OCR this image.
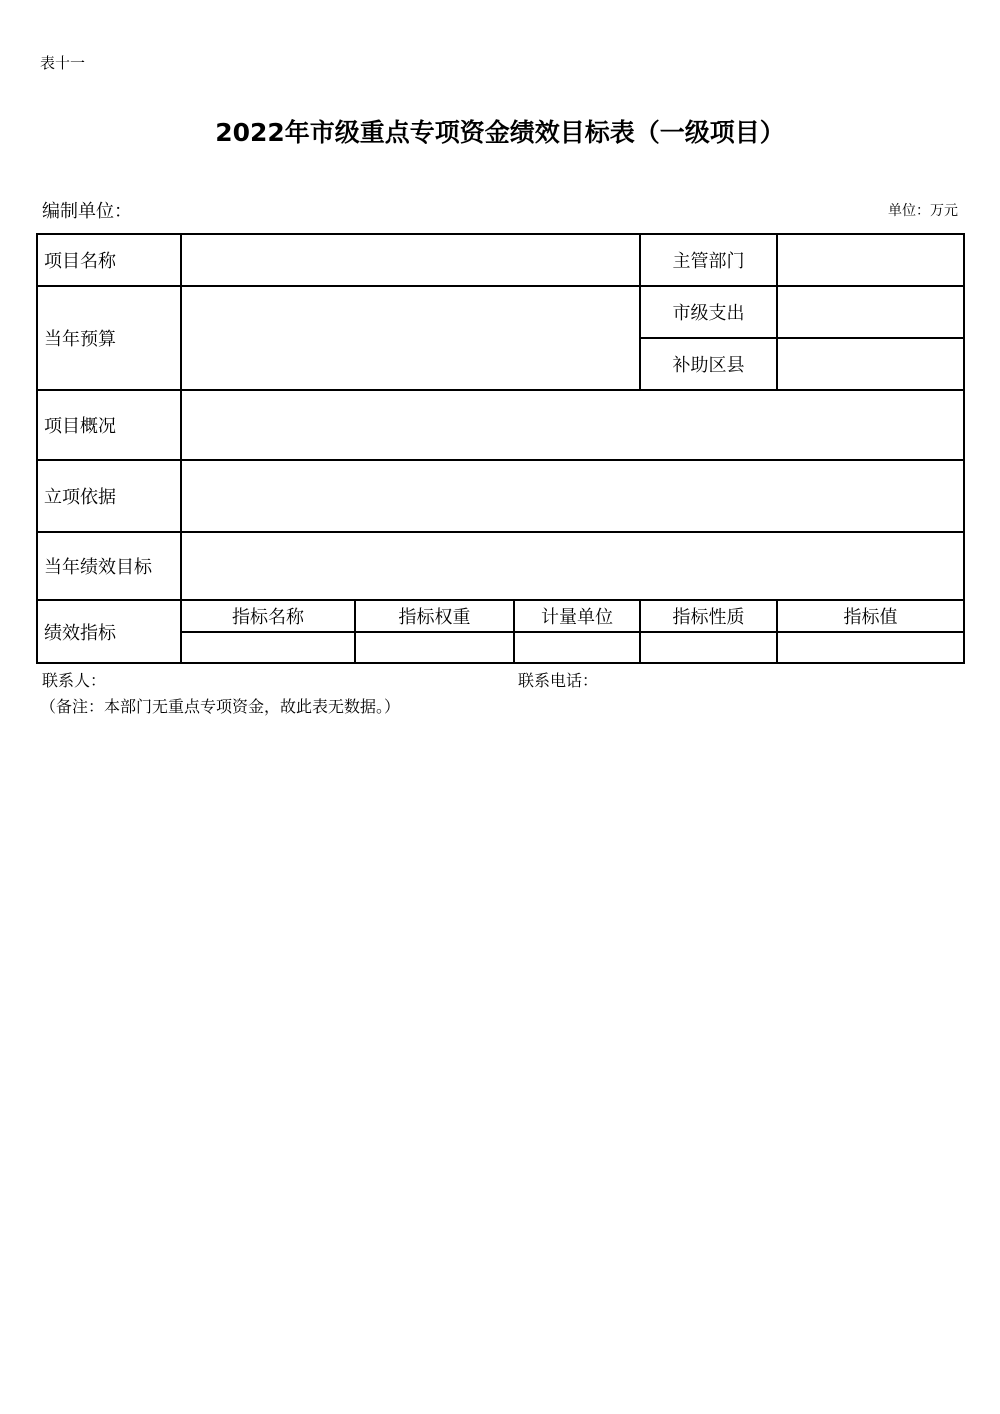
表十一
2022年市级重点专项资金绩效目标表（一级项目）
编制单位：	单位：万元
项目名称				主管部门	
当年预算				市级支出	
				补助区县	
项目概况					
立项依据					
当年绩效目标					
绩效指标	指标名称	指标权重	计量单位	指标性质	指标值

联系人：	联系电话：
（备注：本部门无重点专项资金，故此表无数据。）
